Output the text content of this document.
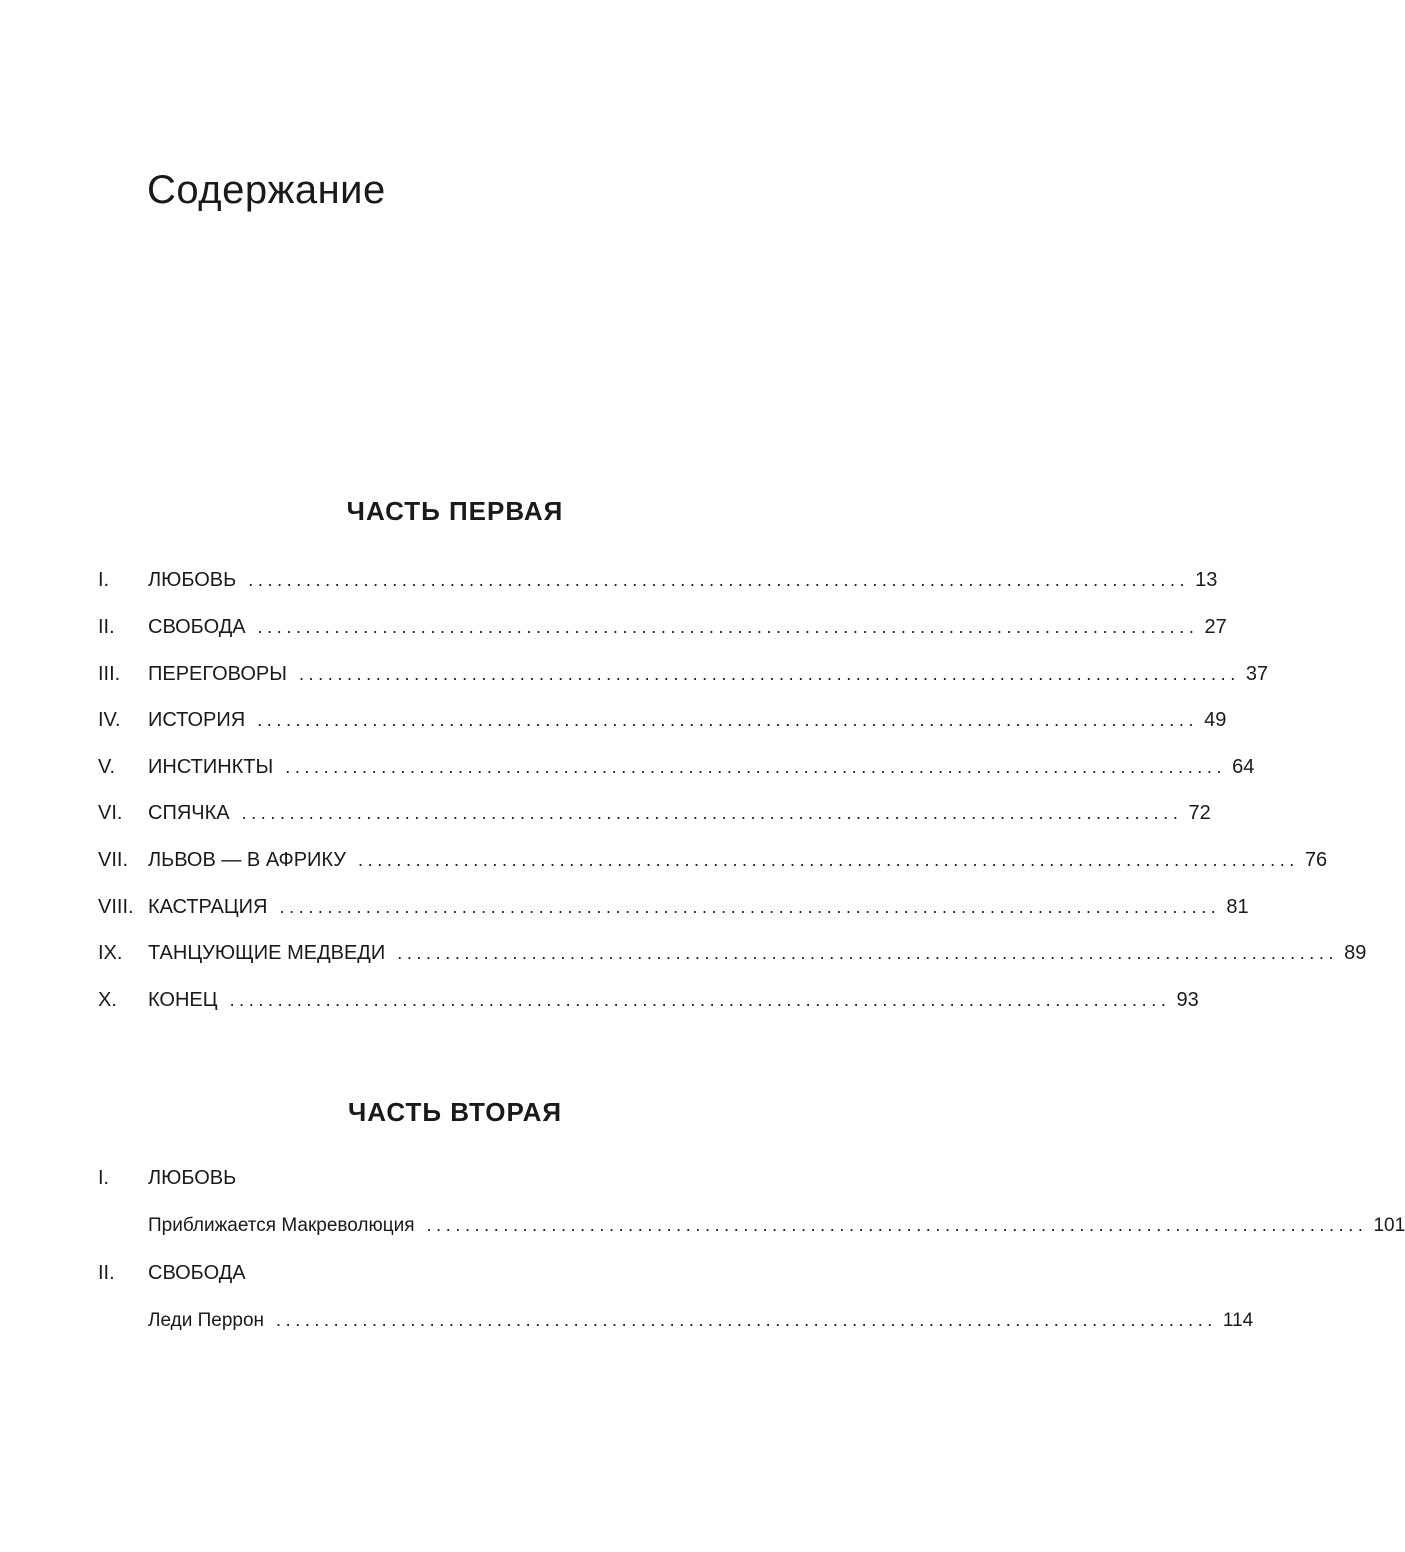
Содержание
ЧАСТЬ ПЕРВАЯ
I.	ЛЮБОВЬ .................................................................................................. 13
II.	СВОБОДА .................................................................................................. 27
III.	ПЕРЕГОВОРЫ .................................................................................................. 37
IV.	ИСТОРИЯ .................................................................................................. 49
V.	ИНСТИНКТЫ .................................................................................................. 64
VI.	СПЯЧКА .................................................................................................. 72
VII. ЛЬВОВ — В АФРИКУ .................................................................................................. 76
VIII. КАСТРАЦИЯ .................................................................................................. 81
IX.	ТАНЦУЮЩИЕ МЕДВЕДИ .................................................................................................. 89
X.	КОНЕЦ .................................................................................................. 93
ЧАСТЬ ВТОРАЯ
I.	ЛЮБОВЬ
Приближается Макреволюция .................................................................................................. 101
II.	СВОБОДА
Леди Перрон .................................................................................................. 114
